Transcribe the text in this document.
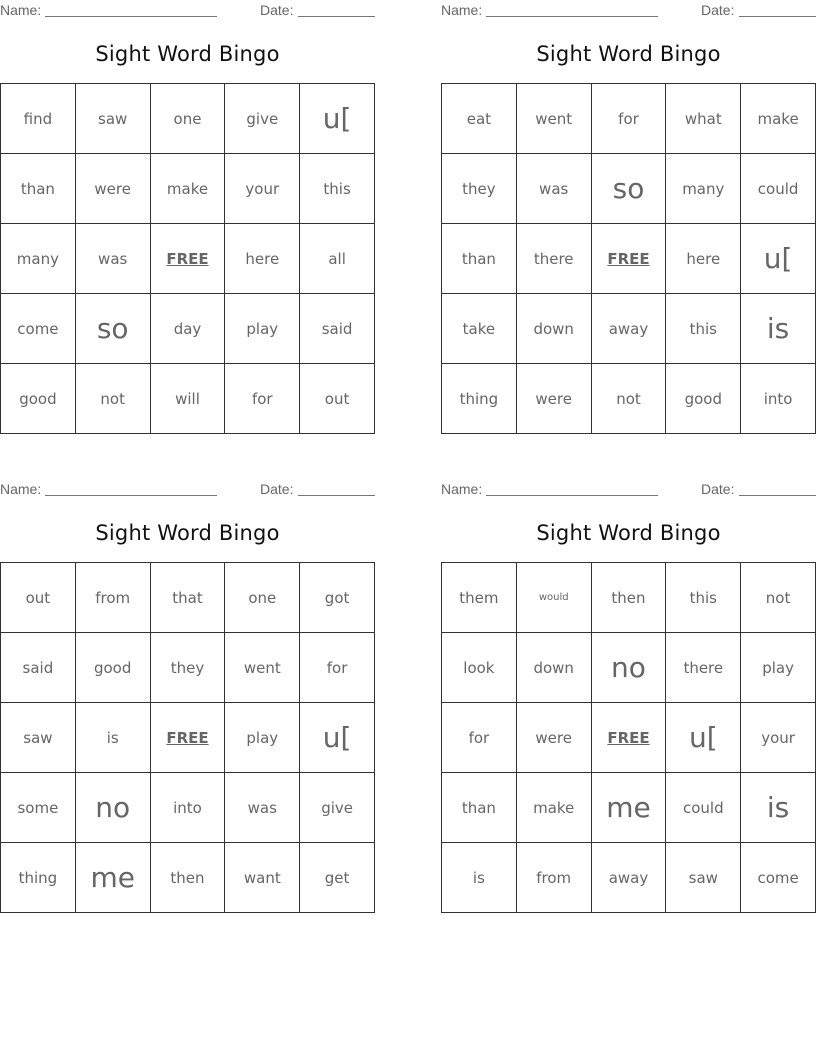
Name:	Date:
Sight Word Bingo
find	saw	one	give	u[
than	were	make	your	this
many	was	FREE	here	all
come	so	day	play	said
good	not	will	for	out
Name:	Date:
Sight Word Bingo
eat	went	for	what	make
they	was	so	many	could
than	there	FREE	here	u[
take	down	away	this	is
thing	were	not	good	into
Name:	Date:
Sight Word Bingo
out	from	that	one	got
said	good	they	went	for
saw	is	FREE	play	u[
some	no	into	was	give
thing	me	then	want	get
Name:	Date:
Sight Word Bingo
them	would	then	this	not
look	down	no	there	play
for	were	FREE	u[	your
than	make	me	could	is
is	from	away	saw	come
